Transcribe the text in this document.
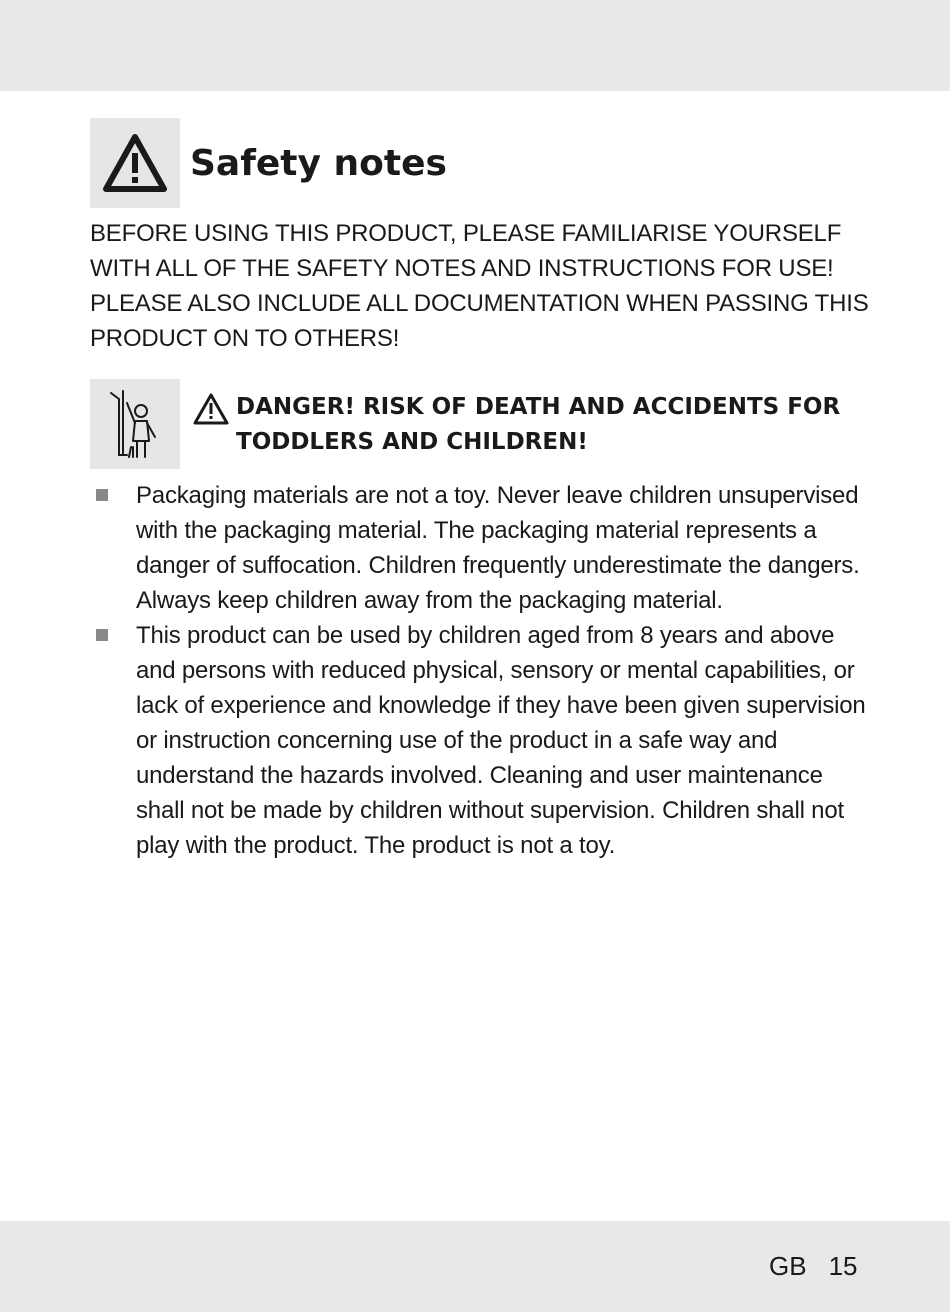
Safety notes

BEFORE USING THIS PRODUCT, PLEASE FAMILIARISE YOURSELF WITH ALL OF THE SAFETY NOTES AND INSTRUCTIONS FOR USE! PLEASE ALSO INCLUDE ALL DOCUMENTATION WHEN PASSING THIS PRODUCT ON TO OTHERS!

DANGER! RISK OF DEATH AND ACCIDENTS FOR TODDLERS AND CHILDREN!
Packaging materials are not a toy. Never leave children unsupervised with the packaging material. The packaging material represents a danger of suffocation. Children frequently underestimate the dangers. Always keep children away from the packaging material.
This product can be used by children aged from 8 years and above and persons with reduced physical, sensory or mental capabilities, or lack of experience and knowledge if they have been given supervision or instruction concerning use of the product in a safe way and understand the hazards involved. Cleaning and user maintenance shall not be made by children without supervision. Children shall not play with the product. The product is not a toy.
GB 15
